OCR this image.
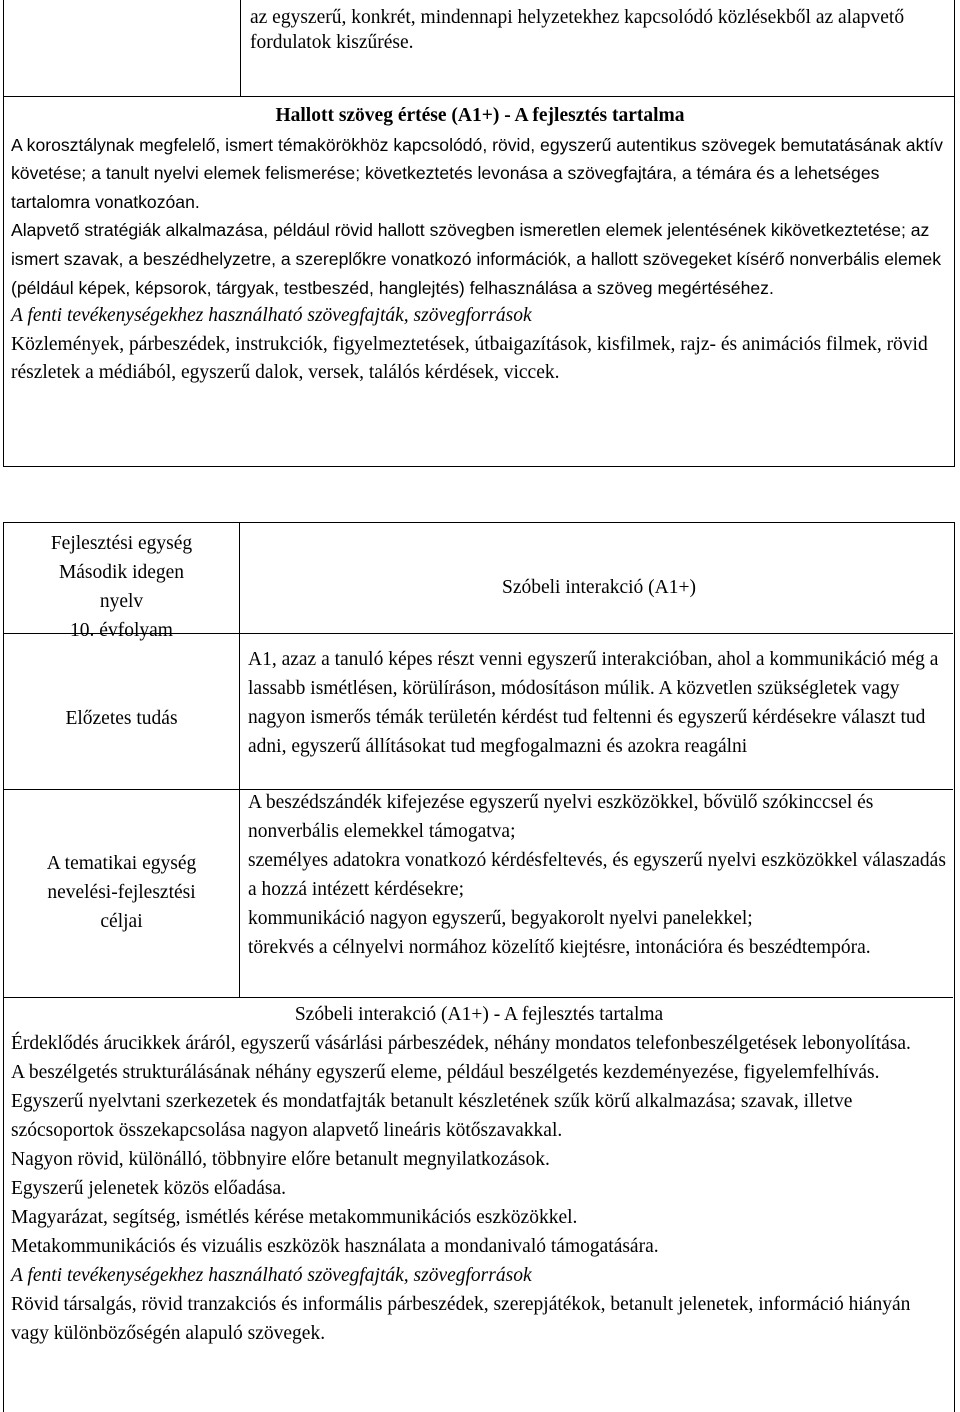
az egyszerű, konkrét, mindennapi helyzetekhez kapcsolódó közlésekből az alapvető fordulatok kiszűrése.

Hallott szöveg értése (A1+) - A fejlesztés tartalma

A korosztálynak megfelelő, ismert témakörökhöz kapcsolódó, rövid, egyszerű autentikus szövegek bemutatásának aktív követése; a tanult nyelvi elemek felismerése; következtetés levonása a szövegfajtára, a témára és a lehetséges tartalomra vonatkozóan.

Alapvető stratégiák alkalmazása, például rövid hallott szövegben ismeretlen elemek jelentésének kikövetkeztetése; az ismert szavak, a beszédhelyzetre, a szereplőkre vonatkozó információk, a hallott szövegeket kísérő nonverbális elemek (például képek, képsorok, tárgyak, testbeszéd, hanglejtés) felhasználása a szöveg megértéséhez.

A fenti tevékenységekhez használható szövegfajták, szövegforrások

Közlemények, párbeszédek, instrukciók, figyelmeztetések, útbaigazítások, kisfilmek, rajz- és animációs filmek, rövid részletek a médiából, egyszerű dalok, versek, találós kérdések, viccek.

Fejlesztési egység

Második idegen

nyelv

10. évfolyam

Szóbeli interakció (A1+)
Előzetes tudás
A1, azaz a tanuló képes részt venni egyszerű interakcióban, ahol a kommunikáció még a lassabb ismétlésen, körülíráson, módosításon múlik. A közvetlen szükségletek vagy nagyon ismerős témák területén kérdést tud feltenni és egyszerű kérdésekre választ tud adni, egyszerű állításokat tud megfogalmazni és azokra reagálni

A tematikai egység

nevelési-fejlesztési

céljai

A beszédszándék kifejezése egyszerű nyelvi eszközökkel, bővülő szókinccsel és nonverbális elemekkel támogatva;

személyes adatokra vonatkozó kérdésfeltevés, és egyszerű nyelvi eszközökkel válaszadás a hozzá intézett kérdésekre;

kommunikáció nagyon egyszerű, begyakorolt nyelvi panelekkel;

törekvés a célnyelvi normához közelítő kiejtésre, intonációra és beszédtempóra.

Szóbeli interakció (A1+) - A fejlesztés tartalma

Érdeklődés árucikkek áráról, egyszerű vásárlási párbeszédek, néhány mondatos telefonbeszélgetések lebonyolítása.

A beszélgetés strukturálásának néhány egyszerű eleme, például beszélgetés kezdeményezése, figyelemfelhívás.

Egyszerű nyelvtani szerkezetek és mondatfajták betanult készletének szűk körű alkalmazása; szavak, illetve szócsoportok összekapcsolása nagyon alapvető lineáris kötőszavakkal.

Nagyon rövid, különálló, többnyire előre betanult megnyilatkozások.

Egyszerű jelenetek közös előadása.

Magyarázat, segítség, ismétlés kérése metakommunikációs eszközökkel.

Metakommunikációs és vizuális eszközök használata a mondanivaló támogatására.

A fenti tevékenységekhez használható szövegfajták, szövegforrások

Rövid társalgás, rövid tranzakciós és informális párbeszédek, szerepjátékok, betanult jelenetek, információ hiányán vagy különbözőségén alapuló szövegek.
